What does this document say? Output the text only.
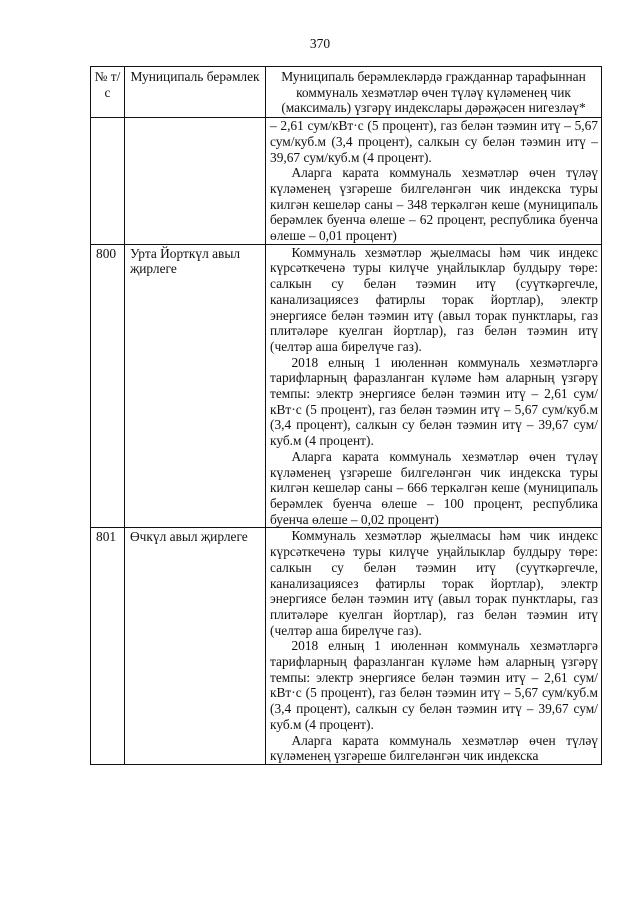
370
№ т/с	Муниципаль берәмлек	Муниципаль берәмлекләрдә гражданнар тарафыннан коммуналь хезмәтләр өчен түләү күләменең чик (максималь) үзгәрү индекслары дәрәҗәсен нигезләү*

		– 2,61 сум/кВт·с (5 процент), газ белән тәэмин итү – 5,67 сум/куб.м (3,4 процент), салкын су белән тәэмин итү – 39,67 сум/куб.м (4 процент).
Аларга карата коммуналь хезмәтләр өчен түләү күләменең үзгәреше билгеләнгән чик индекска туры килгән кешеләр саны – 348 теркәлгән кеше (муниципаль берәмлек буенча өлеше – 62 процент, республика буенча өлеше – 0,01 процент)

800	Урта Йорткүл авыл җирлеге	Коммуналь хезмәтләр җыелмасы һәм чик индекс күрсәткеченә туры килүче уңайлыклар булдыру төре: салкын су белән тәэмин итү (суүткәргечле, канализациясез фатирлы торак йортлар), электр энергиясе белән тәэмин итү (авыл торак пунктлары, газ плитәләре куелган йортлар), газ белән тәэмин итү (челтәр аша бирелүче газ).
2018 елның 1 июленнән коммуналь хезмәтләргә тарифларның фаразланган күләме һәм аларның үзгәрү темпы: электр энергиясе белән тәэмин итү – 2,61 сум/кВт·с (5 процент), газ белән тәэмин итү – 5,67 сум/куб.м (3,4 процент), салкын су белән тәэмин итү – 39,67 сум/куб.м (4 процент).
Аларга карата коммуналь хезмәтләр өчен түләү күләменең үзгәреше билгеләнгән чик индекска туры килгән кешеләр саны – 666 теркәлгән кеше (муниципаль берәмлек буенча өлеше – 100 процент, республика буенча өлеше – 0,02 процент)

801	Өчкүл авыл җирлеге	Коммуналь хезмәтләр җыелмасы һәм чик индекс күрсәткеченә туры килүче уңайлыклар булдыру төре: салкын су белән тәэмин итү (суүткәргечле, канализациясез фатирлы торак йортлар), электр энергиясе белән тәэмин итү (авыл торак пунктлары, газ плитәләре куелган йортлар), газ белән тәэмин итү (челтәр аша бирелүче газ).
2018 елның 1 июленнән коммуналь хезмәтләргә тарифларның фаразланган күләме һәм аларның үзгәрү темпы: электр энергиясе белән тәэмин итү – 2,61 сум/кВт·с (5 процент), газ белән тәэмин итү – 5,67 сум/куб.м (3,4 процент), салкын су белән тәэмин итү – 39,67 сум/куб.м (4 процент).
Аларга карата коммуналь хезмәтләр өчен түләү күләменең үзгәреше билгеләнгән чик индекска
